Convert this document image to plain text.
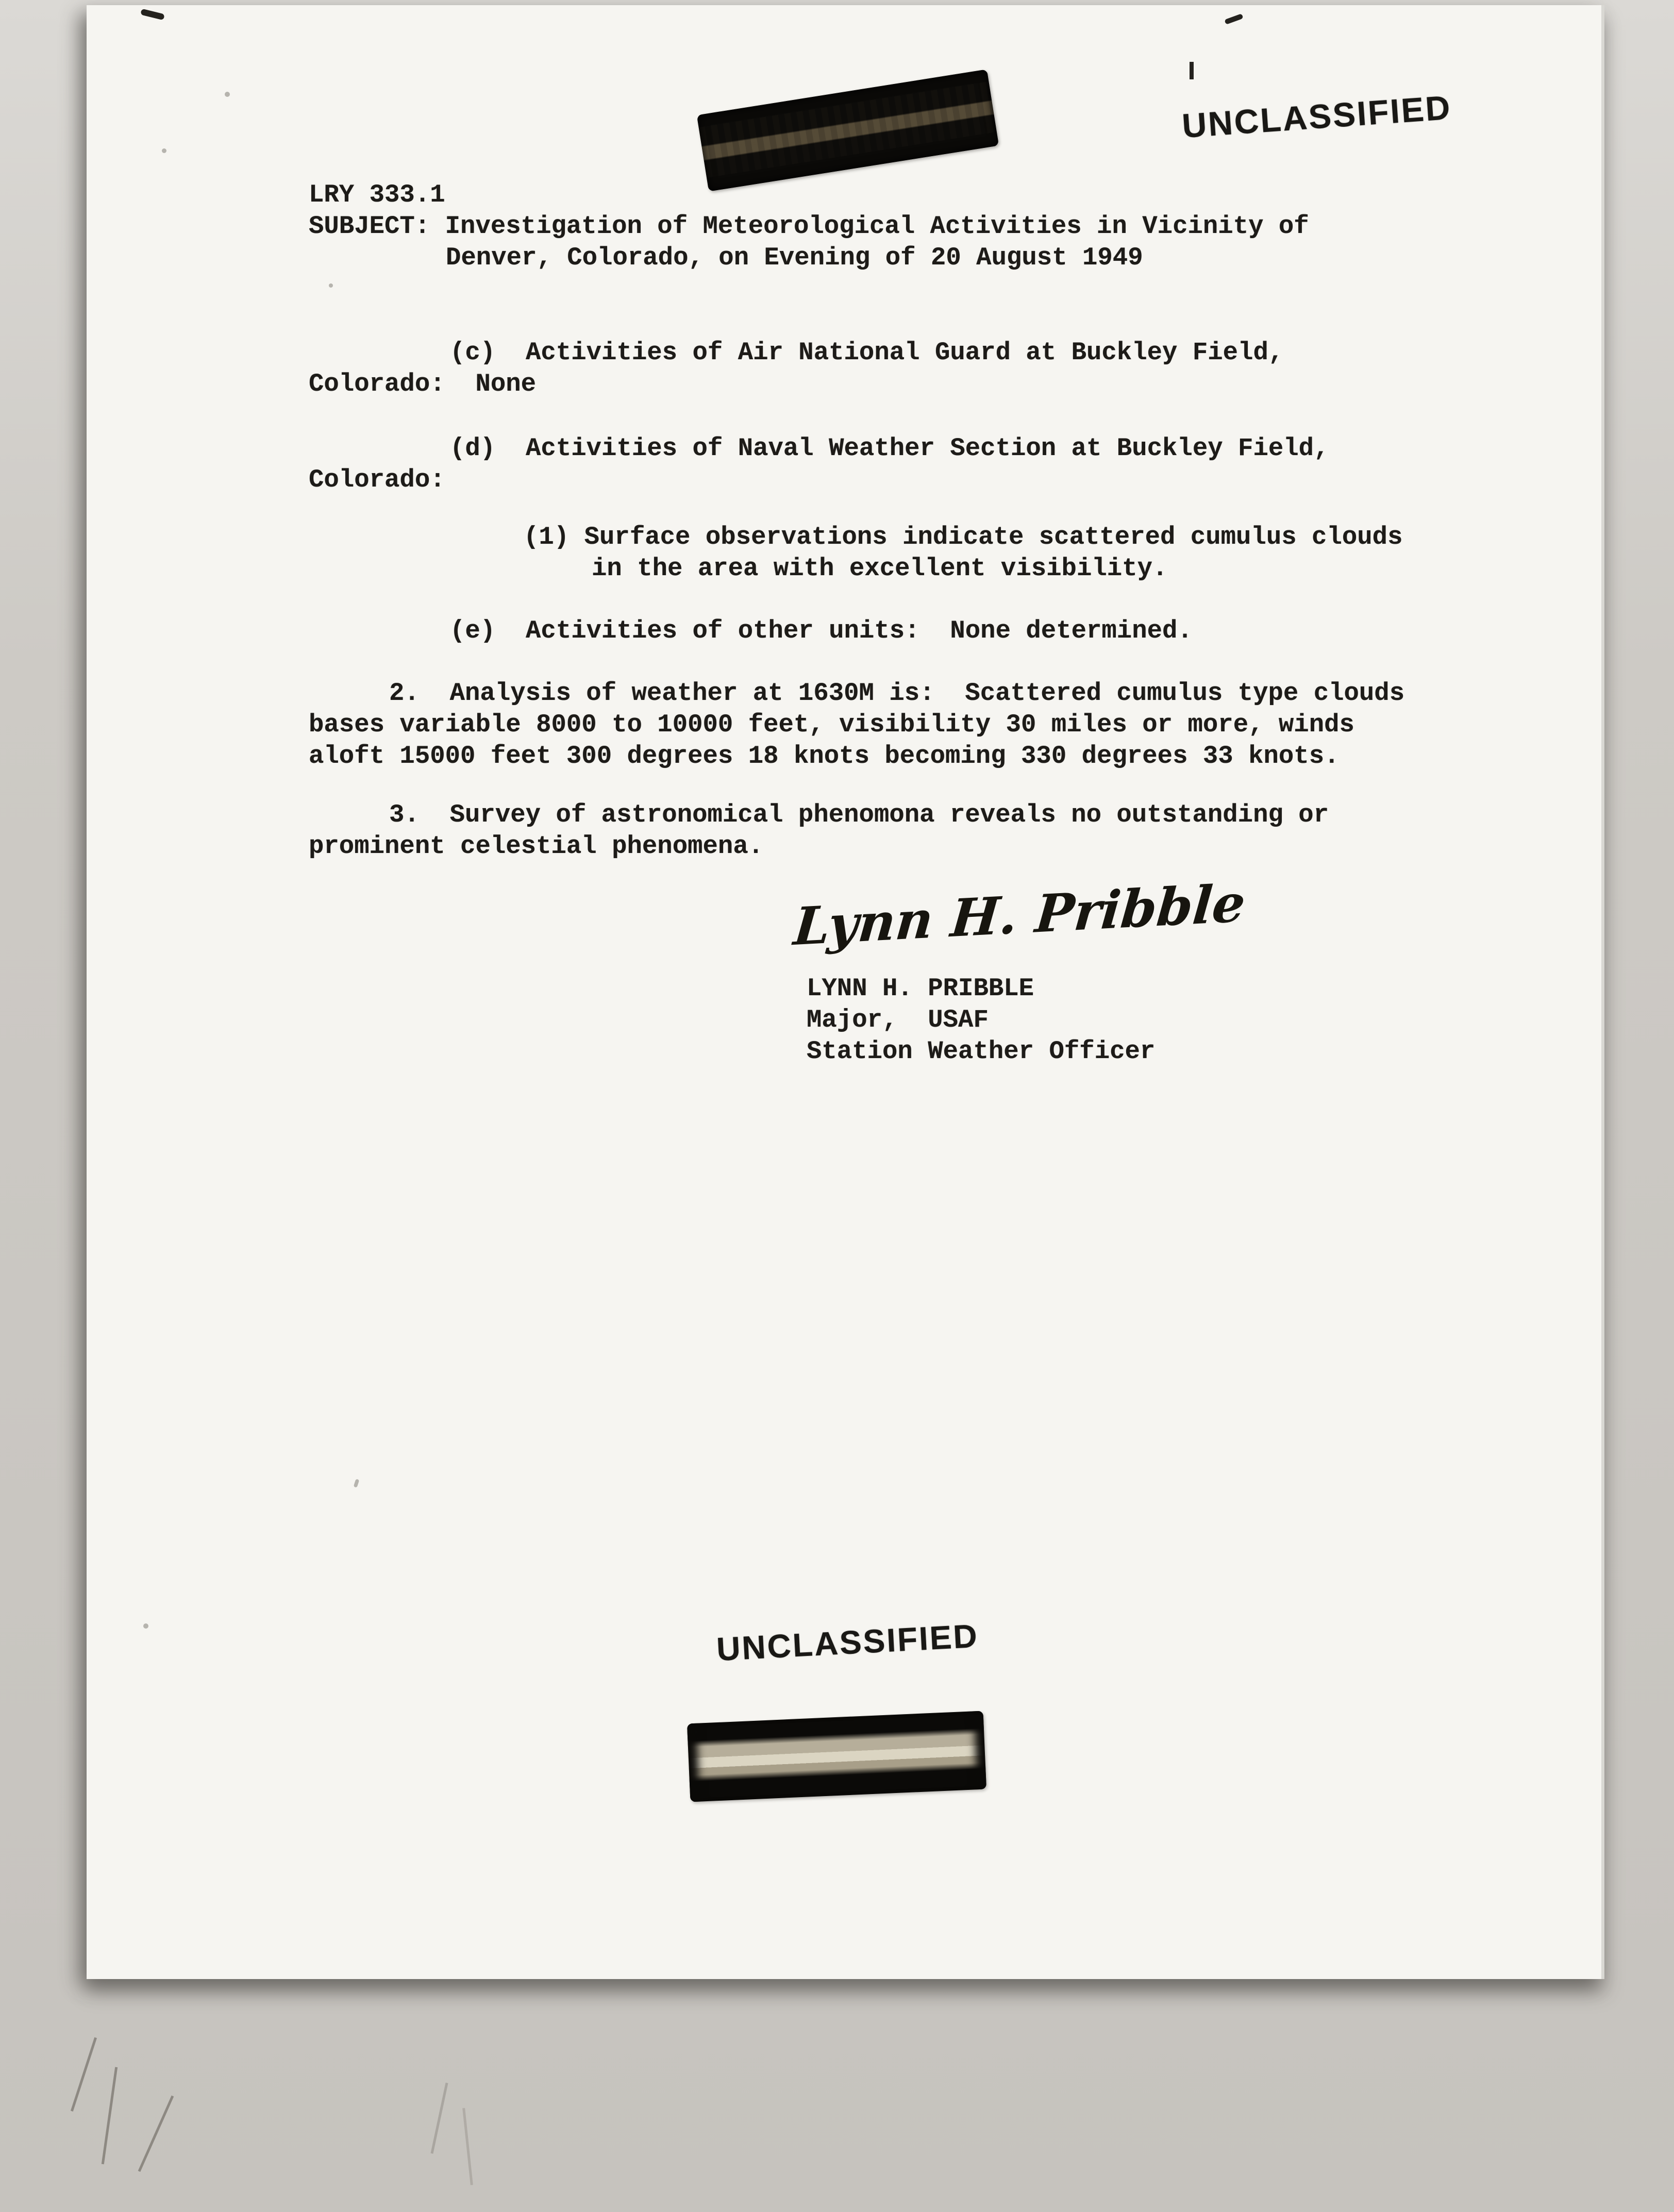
UNCLASSIFIED
LRY 333.1
SUBJECT: Investigation of Meteorological Activities in Vicinity of
Denver, Colorado, on Evening of 20 August 1949
(c)  Activities of Air National Guard at Buckley Field,
Colorado:  None
(d)  Activities of Naval Weather Section at Buckley Field,
Colorado:
(1) Surface observations indicate scattered cumulus clouds
in the area with excellent visibility.
(e)  Activities of other units:  None determined.
2.  Analysis of weather at 1630M is:  Scattered cumulus type clouds
bases variable 8000 to 10000 feet, visibility 30 miles or more, winds
aloft 15000 feet 300 degrees 18 knots becoming 330 degrees 33 knots.
3.  Survey of astronomical phenomona reveals no outstanding or
prominent celestial phenomena.
Lynn H. Pribble
LYNN H. PRIBBLE
Major,  USAF
Station Weather Officer
UNCLASSIFIED
